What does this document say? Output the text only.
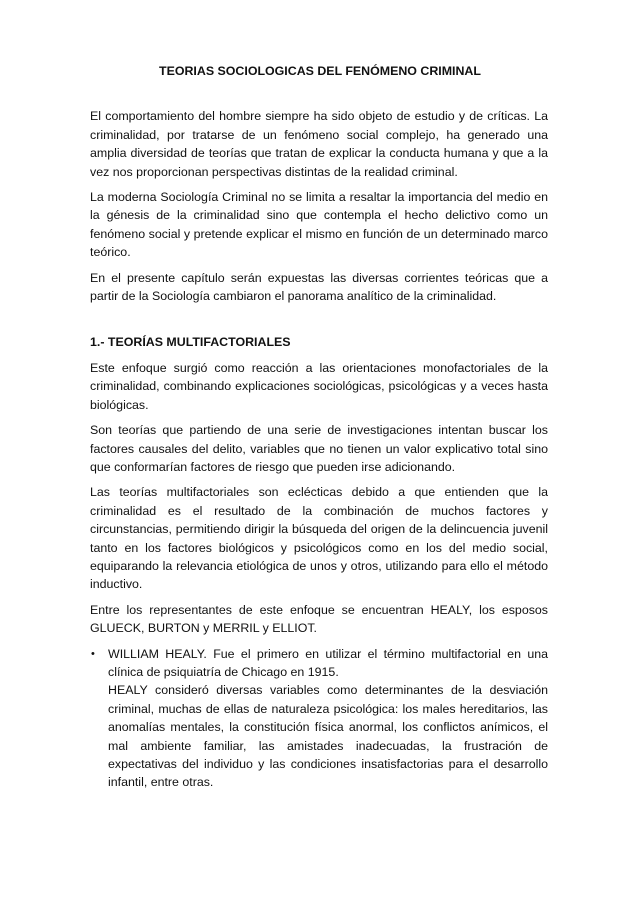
TEORIAS SOCIOLOGICAS DEL FENÓMENO CRIMINAL

El comportamiento del hombre siempre ha sido objeto de estudio y de críticas. La criminalidad, por tratarse de un fenómeno social complejo, ha generado una amplia diversidad de teorías que tratan de explicar la conducta humana y que a la vez nos proporcionan perspectivas distintas de la realidad criminal.

La moderna Sociología Criminal no se limita a resaltar la importancia del medio en la génesis de la criminalidad sino que contempla el hecho delictivo como un fenómeno social y pretende explicar el mismo en función de un determinado marco teórico.

En el presente capítulo serán expuestas las diversas corrientes teóricas que a partir de la Sociología cambiaron el panorama analítico de la criminalidad.

1.- TEORÍAS MULTIFACTORIALES

Este enfoque surgió como reacción a las orientaciones monofactoriales de la criminalidad, combinando explicaciones sociológicas, psicológicas y a veces hasta biológicas.

Son teorías que partiendo de una serie de investigaciones intentan buscar los factores causales del delito, variables que no tienen un valor explicativo total sino que conformarían factores de riesgo que pueden irse adicionando.

Las teorías multifactoriales son eclécticas debido a que entienden que la criminalidad es el resultado de la combinación de muchos factores y circunstancias, permitiendo dirigir la búsqueda del origen de la delincuencia juvenil tanto en los factores biológicos y psicológicos como en los del medio social, equiparando la relevancia etiológica de unos y otros, utilizando para ello el método inductivo.

Entre los representantes de este enfoque se encuentran HEALY, los esposos GLUECK, BURTON y MERRIL y ELLIOT.

• WILLIAM HEALY. Fue el primero en utilizar el término multifactorial en una clínica de psiquiatría de Chicago en 1915.

HEALY consideró diversas variables como determinantes de la desviación criminal, muchas de ellas de naturaleza psicológica: los males hereditarios, las anomalías mentales, la constitución física anormal, los conflictos anímicos, el mal ambiente familiar, las amistades inadecuadas, la frustración de expectativas del individuo y las condiciones insatisfactorias para el desarrollo infantil, entre otras.
